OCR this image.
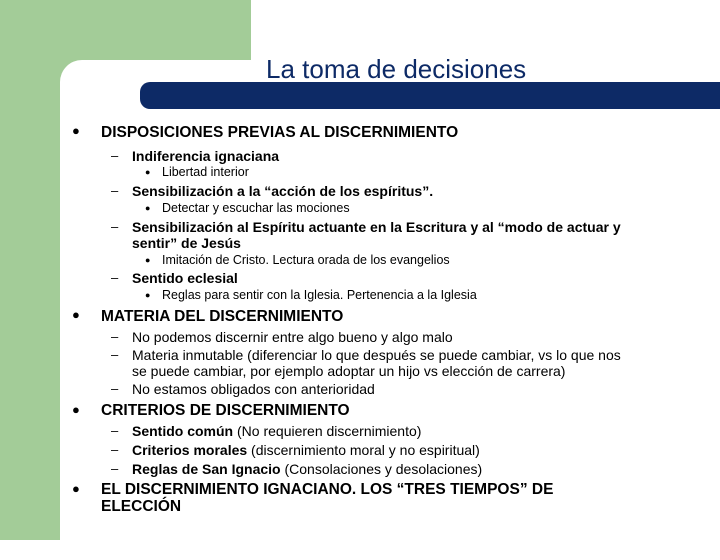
La toma de decisiones
● DISPOSICIONES PREVIAS AL DISCERNIMIENTO
– Indiferencia ignaciana
● Libertad interior
– Sensibilización a la “acción de los espíritus”.
● Detectar y escuchar las mociones
– Sensibilización al Espíritu actuante en la Escritura y al “modo de actuar y
sentir” de Jesús
● Imitación de Cristo. Lectura orada de los evangelios
– Sentido eclesial
● Reglas para sentir con la Iglesia. Pertenencia a la Iglesia
● MATERIA DEL DISCERNIMIENTO
– No podemos discernir entre algo bueno y algo malo
– Materia inmutable (diferenciar lo que después se puede cambiar, vs lo que nos
se puede cambiar, por ejemplo adoptar un hijo vs elección de carrera)
– No estamos obligados con anterioridad
● CRITERIOS DE DISCERNIMIENTO
– Sentido común (No requieren discernimiento)
– Criterios morales (discernimiento moral y no espiritual)
– Reglas de San Ignacio (Consolaciones y desolaciones)
● EL DISCERNIMIENTO IGNACIANO. LOS “TRES TIEMPOS” DE
ELECCIÓN
